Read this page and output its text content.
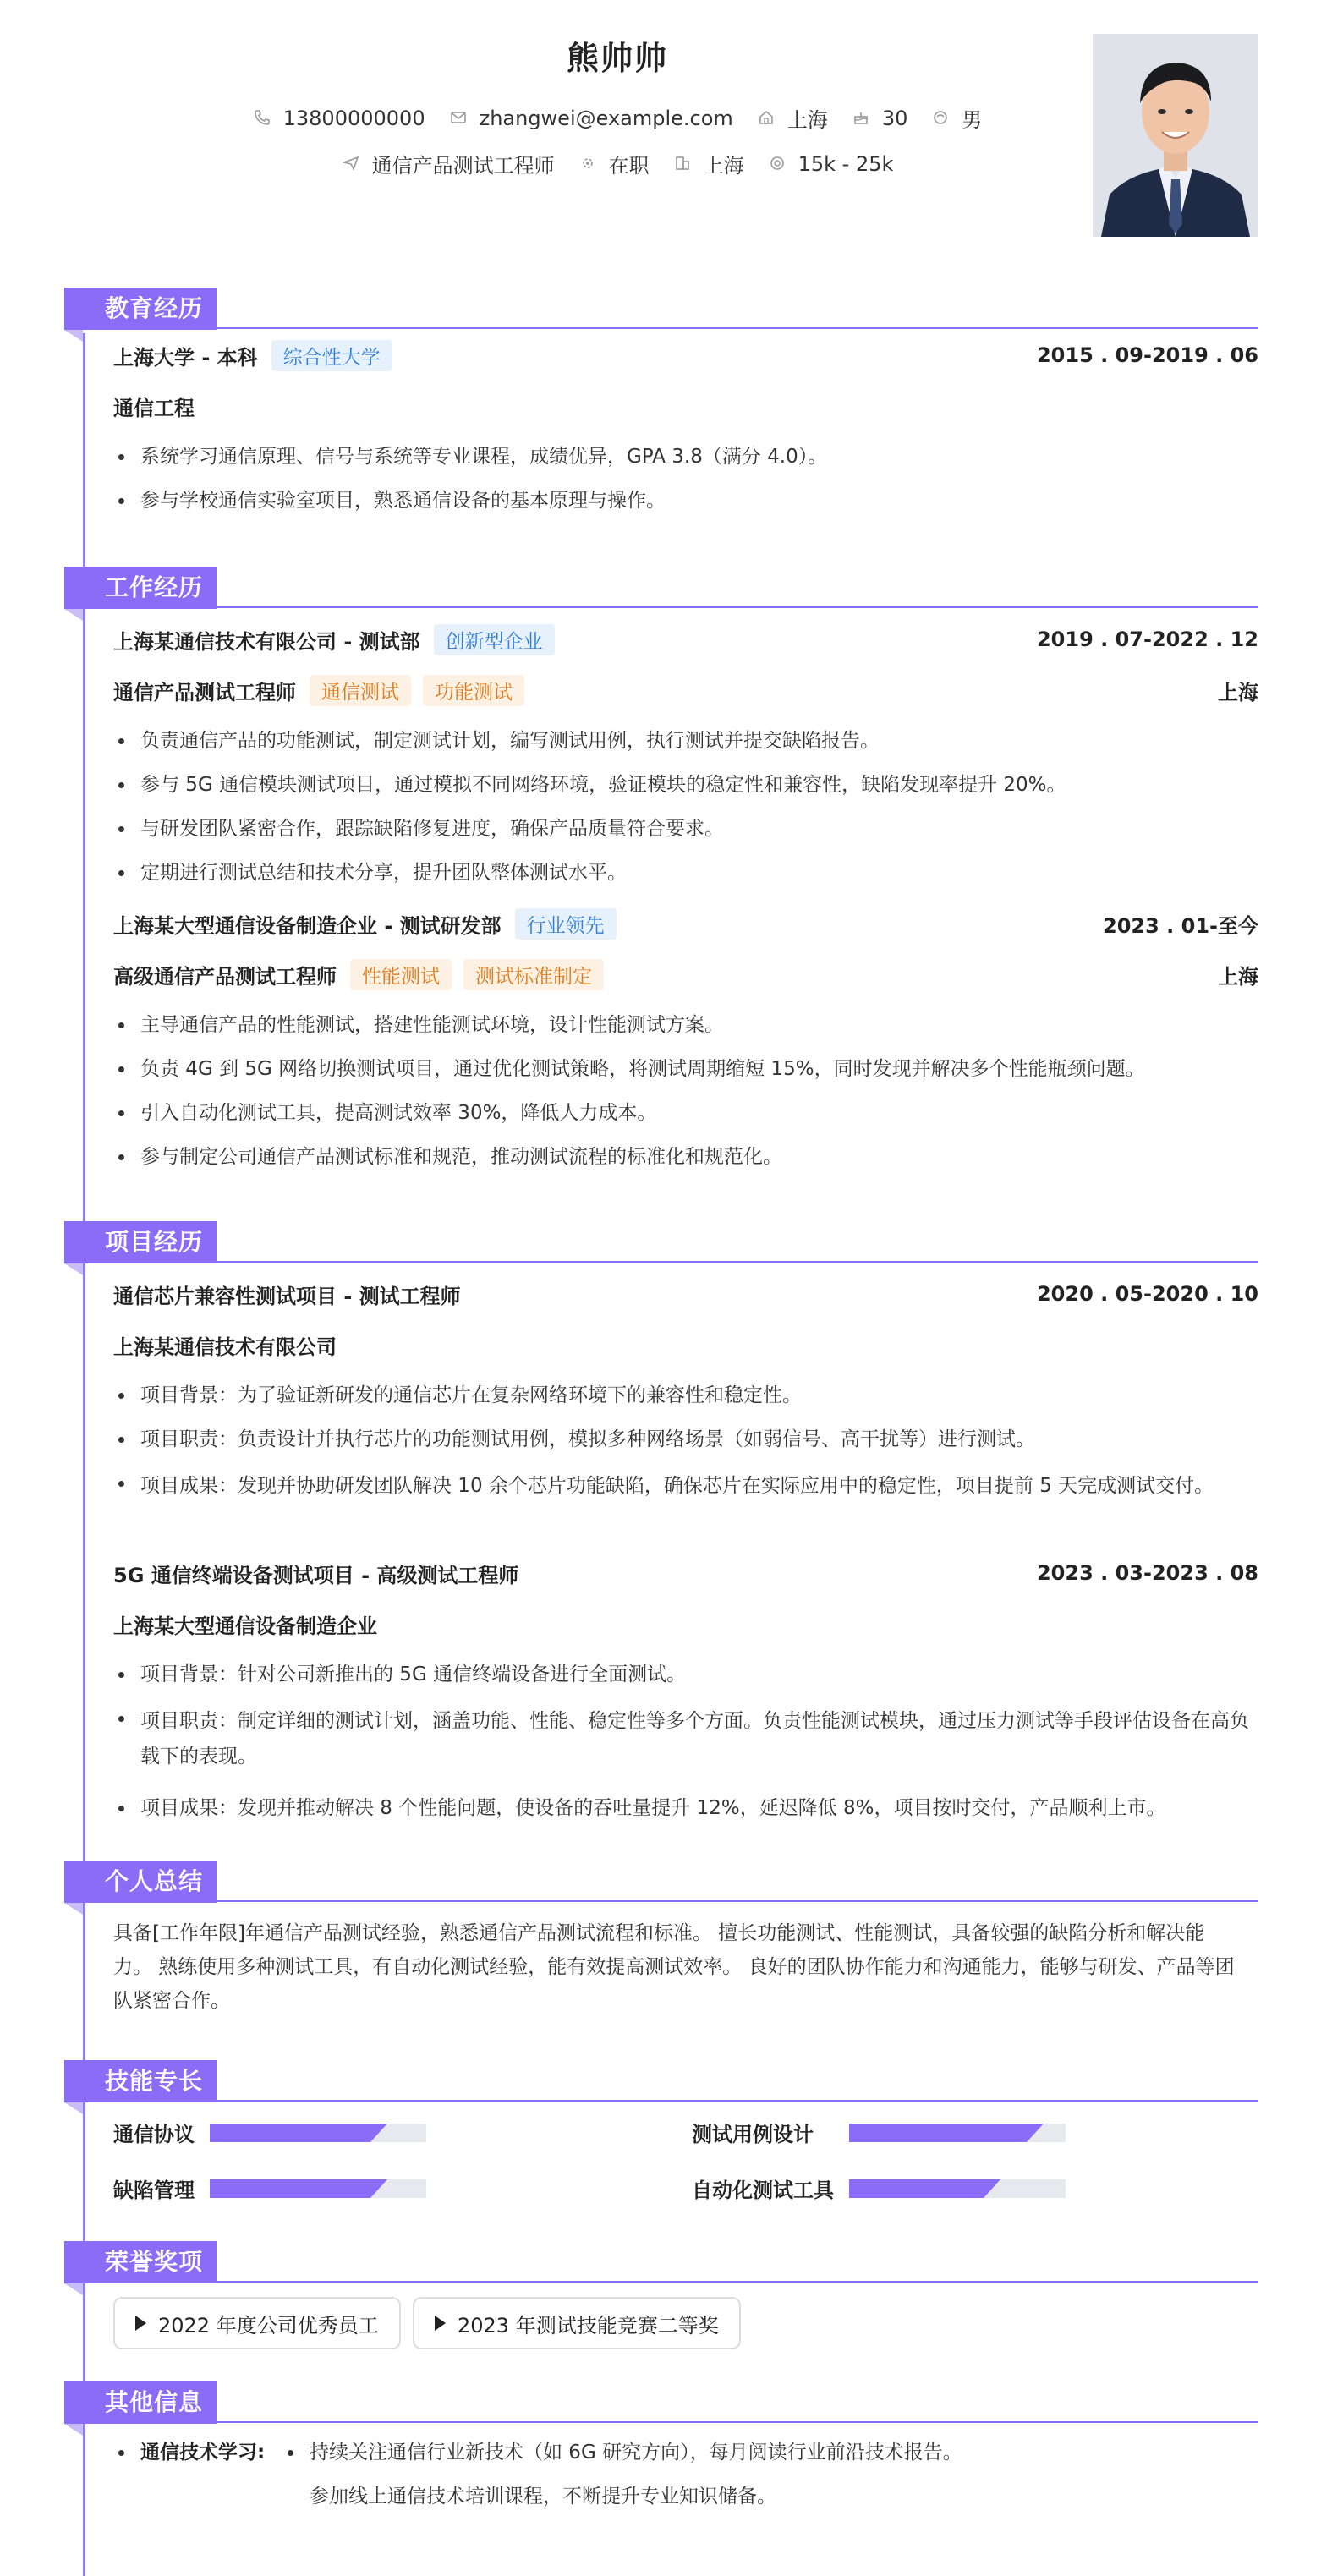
熊帅帅
13800000000	zhangwei@example.com	上海	30	男
通信产品测试工程师	在职	上海	15k - 25k
教育经历
上海大学 - 本科	综合性大学	2015 . 09-2019 . 06
通信工程
系统学习通信原理、信号与系统等专业课程，成绩优异，GPA 3.8（满分 4.0）。
参与学校通信实验室项目，熟悉通信设备的基本原理与操作。
工作经历
上海某通信技术有限公司 - 测试部	创新型企业	2019 . 07-2022 . 12
通信产品测试工程师	通信测试	功能测试	上海
负责通信产品的功能测试，制定测试计划，编写测试用例，执行测试并提交缺陷报告。
参与 5G 通信模块测试项目，通过模拟不同网络环境，验证模块的稳定性和兼容性，缺陷发现率提升 20%。
与研发团队紧密合作，跟踪缺陷修复进度，确保产品质量符合要求。
定期进行测试总结和技术分享，提升团队整体测试水平。
上海某大型通信设备制造企业 - 测试研发部	行业领先	2023 . 01-至今
高级通信产品测试工程师	性能测试	测试标准制定	上海
主导通信产品的性能测试，搭建性能测试环境，设计性能测试方案。
负责 4G 到 5G 网络切换测试项目，通过优化测试策略，将测试周期缩短 15%，同时发现并解决多个性能瓶颈问题。
引入自动化测试工具，提高测试效率 30%，降低人力成本。
参与制定公司通信产品测试标准和规范，推动测试流程的标准化和规范化。
项目经历
通信芯片兼容性测试项目 - 测试工程师	2020 . 05-2020 . 10
上海某通信技术有限公司
项目背景：为了验证新研发的通信芯片在复杂网络环境下的兼容性和稳定性。
项目职责：负责设计并执行芯片的功能测试用例，模拟多种网络场景（如弱信号、高干扰等）进行测试。
项目成果：发现并协助研发团队解决 10 余个芯片功能缺陷，确保芯片在实际应用中的稳定性，项目提前 5 天完成测试交付。
5G 通信终端设备测试项目 - 高级测试工程师	2023 . 03-2023 . 08
上海某大型通信设备制造企业
项目背景：针对公司新推出的 5G 通信终端设备进行全面测试。
项目职责：制定详细的测试计划，涵盖功能、性能、稳定性等多个方面。负责性能测试模块，通过压力测试等手段评估设备在高负载下的表现。
项目成果：发现并推动解决 8 个性能问题，使设备的吞吐量提升 12%，延迟降低 8%，项目按时交付，产品顺利上市。
个人总结
具备[工作年限]年通信产品测试经验，熟悉通信产品测试流程和标准。 擅长功能测试、性能测试，具备较强的缺陷分析和解决能力。 熟练使用多种测试工具，有自动化测试经验，能有效提高测试效率。 良好的团队协作能力和沟通能力，能够与研发、产品等团队紧密合作。
技能专长
通信协议	测试用例设计
缺陷管理	自动化测试工具
荣誉奖项
2022 年度公司优秀员工	2023 年测试技能竞赛二等奖
其他信息
通信技术学习:	持续关注通信行业新技术（如 6G 研究方向），每月阅读行业前沿技术报告。
参加线上通信技术培训课程，不断提升专业知识储备。
